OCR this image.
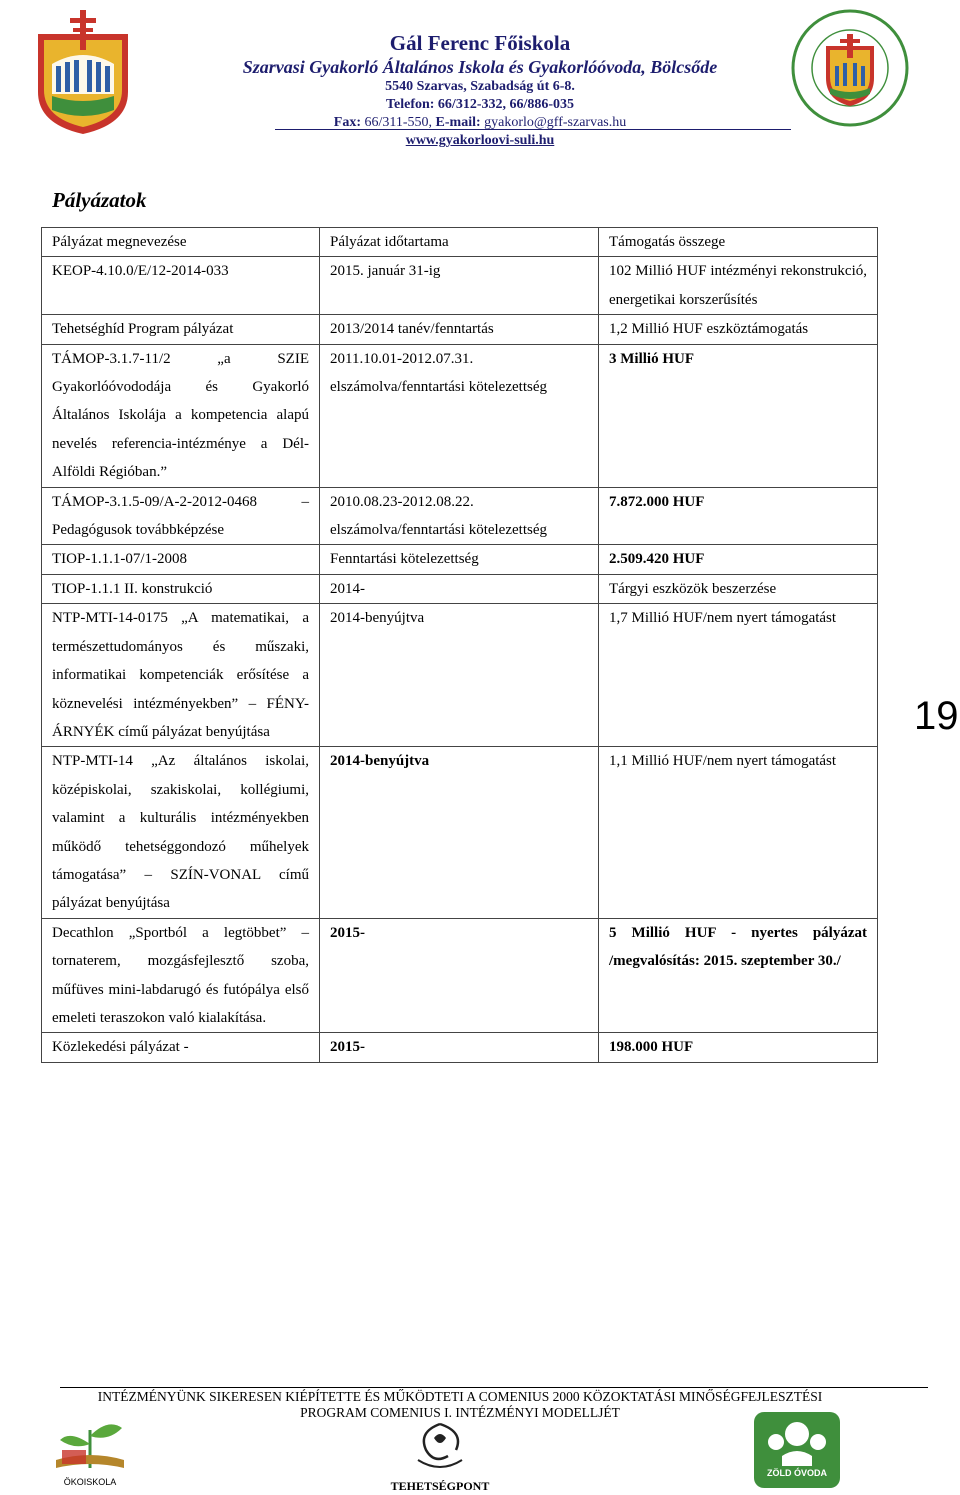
Gál Ferenc Főiskola
Szarvasi Gyakorló Általános Iskola és Gyakorlóóvoda, Bölcsőde
5540 Szarvas, Szabadság út 6-8.
Telefon: 66/312-332, 66/886-035
Fax: 66/311-550, E-mail: gyakorlo@gff-szarvas.hu
www.gyakorloovi-suli.hu
Pályázatok
Pályázat megnevezése	Pályázat időtartama	Támogatás összege
KEOP-4.10.0/E/12-2014-033	2015. január 31-ig	102 Millió HUF intézményi rekonstrukció, energetikai korszerűsítés
Tehetséghíd Program pályázat	2013/2014 tanév/fenntartás	1,2 Millió HUF eszköztámogatás
TÁMOP-3.1.7-11/2 „a SZIE Gyakorlóóvododája és Gyakorló Általános Iskolája a kompetencia alapú nevelés referencia-intézménye a Dél-Alföldi Régióban.”	2011.10.01-2012.07.31. elszámolva/fenntartási kötelezettség	3 Millió HUF
TÁMOP-3.1.5-09/A-2-2012-0468 – Pedagógusok továbbképzése	2010.08.23-2012.08.22. elszámolva/fenntartási kötelezettség	7.872.000 HUF
TIOP-1.1.1-07/1-2008	Fenntartási kötelezettség	2.509.420 HUF
TIOP-1.1.1 II. konstrukció	2014-	Tárgyi eszközök beszerzése
NTP-MTI-14-0175 „A matematikai, a természettudományos és műszaki, informatikai kompetenciák erősítése a köznevelési intézményekben” – FÉNY-ÁRNYÉK című pályázat benyújtása	2014-benyújtva	1,7 Millió HUF/nem nyert támogatást
NTP-MTI-14 „Az általános iskolai, középiskolai, szakiskolai, kollégiumi, valamint a kulturális intézményekben működő tehetséggondozó műhelyek támogatása” – SZÍN-VONAL című pályázat benyújtása	2014-benyújtva	1,1 Millió HUF/nem nyert támogatást
Decathlon „Sportból a legtöbbet” – tornaterem, mozgásfejlesztő szoba, műfüves mini-labdarugó és futópálya első emeleti teraszokon való kialakítása.	2015-	5 Millió HUF - nyertes pályázat /megvalósítás: 2015. szeptember 30./
Közlekedési pályázat -	2015-	198.000 HUF
19
INTÉZMÉNYÜNK SIKERESEN KIÉPÍTETTE ÉS MŰKÖDTETI A COMENIUS 2000 KÖZOKTATÁSI MINŐSÉGFEJLESZTÉSI
PROGRAM COMENIUS I. INTÉZMÉNYI MODELLJÉT
ÖKOISKOLA	TEHETSÉGPONT
ZÖLD ÓVODA
